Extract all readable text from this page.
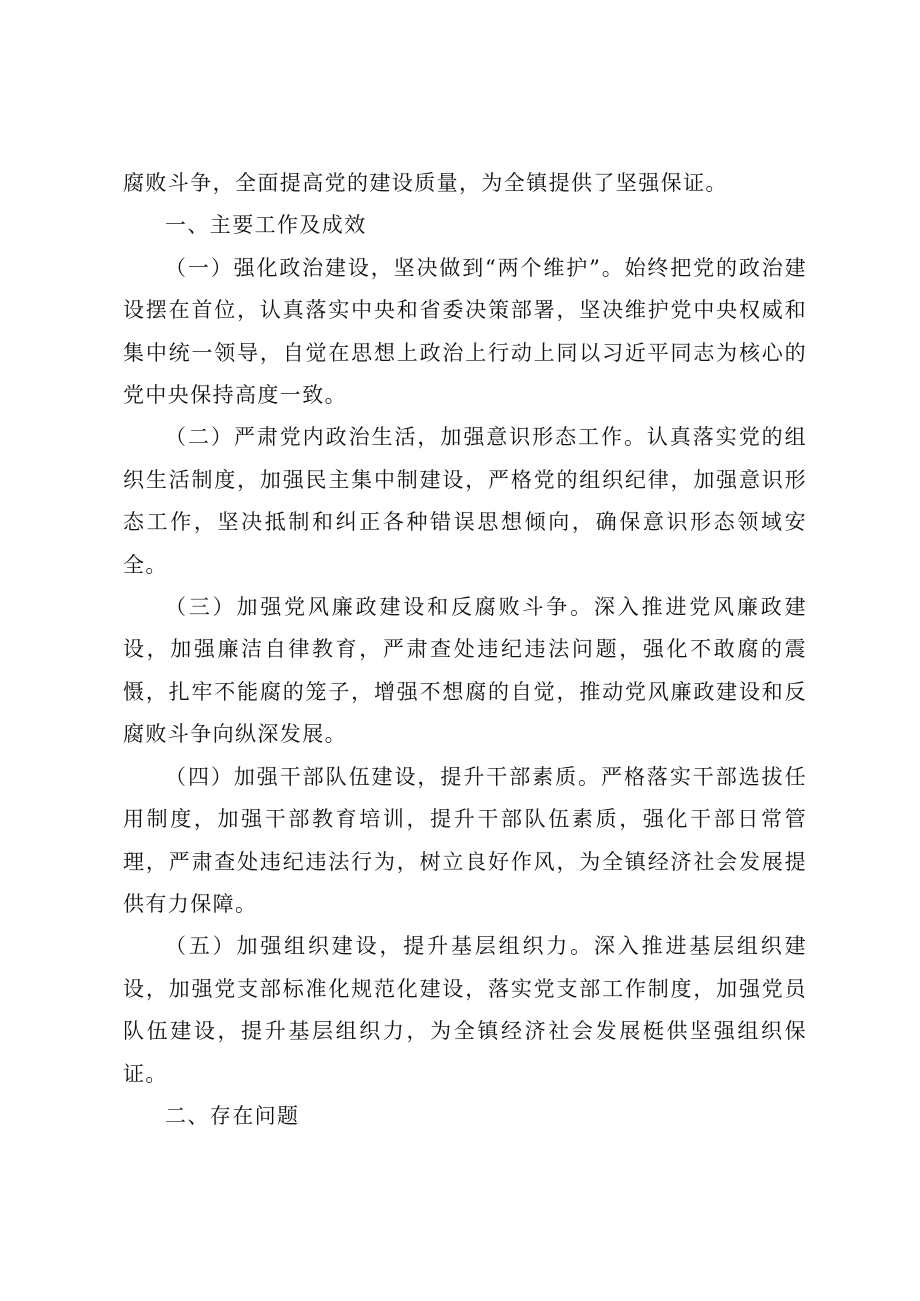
腐败斗争，全面提高党的建设质量，为全镇提供了坚强保证。

一、主要工作及成效

（一）强化政治建设，坚决做到“两个维护”。始终把党的政治建设摆在首位，认真落实中央和省委决策部署，坚决维护党中央权威和集中统一领导，自觉在思想上政治上行动上同以习近平同志为核心的党中央保持高度一致。

（二）严肃党内政治生活，加强意识形态工作。认真落实党的组织生活制度，加强民主集中制建设，严格党的组织纪律，加强意识形态工作，坚决抵制和纠正各种错误思想倾向，确保意识形态领域安全。

（三）加强党风廉政建设和反腐败斗争。深入推进党风廉政建设，加强廉洁自律教育，严肃查处违纪违法问题，强化不敢腐的震慑，扎牢不能腐的笼子，增强不想腐的自觉，推动党风廉政建设和反腐败斗争向纵深发展。

（四）加强干部队伍建设，提升干部素质。严格落实干部选拔任用制度，加强干部教育培训，提升干部队伍素质，强化干部日常管理，严肃查处违纪违法行为，树立良好作风，为全镇经济社会发展提供有力保障。

（五）加强组织建设，提升基层组织力。深入推进基层组织建设，加强党支部标准化规范化建设，落实党支部工作制度，加强党员队伍建设，提升基层组织力，为全镇经济社会发展梃供坚强组织保证。

二、存在问题
